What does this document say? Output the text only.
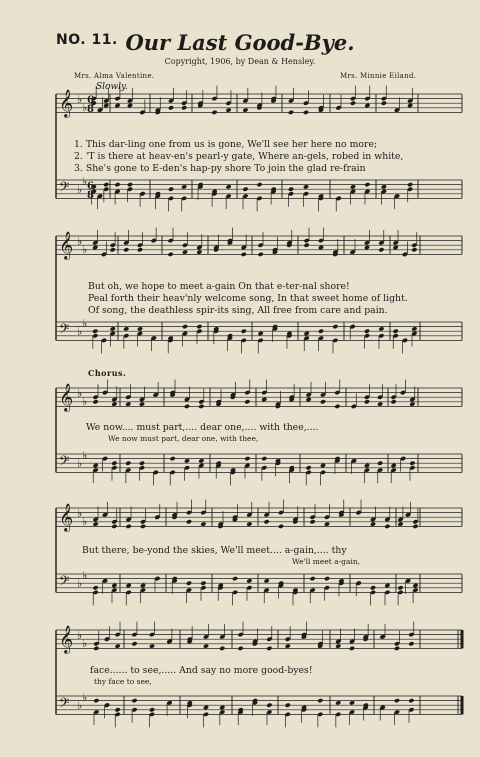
NO. 11. Our Last Good-Bye.
Copyright, 1906, by Dean & Hensley.
Mrs. Alma Valentine.	Mrs. Minnie Eiland.
Slowly.
𝄞 ♭
♭
𝄢 ♭
♭
𝄞 ♭
♭
𝄢 ♭
♭
𝄞 ♭
♭
𝄢 ♭
♭
𝄞 ♭
♭
𝄢 ♭
♭
𝄞 ♭
♭
𝄢 ♭
♭
6
8
6
8
1. This dar-ling one from us is gone, We'll see her here no more;
2. 'T is there at heav-en's pearl-y gate, Where an-gels, robed in white,
3. She's gone to E-den's hap-py shore To join the glad re-frain
But oh, we hope to meet a-gain On that e-ter-nal shore!
Peal forth their heav'nly welcome song, In that sweet home of light.
Of song, the deathless spir-its sing, All free from care and pain.
Chorus.
We now.... must part,.... dear one,.... with thee,....
We now must part, dear one, with thee,
But there, be-yond the skies, We'll meet.... a-gain,.... thy
We'll meet a-gain,
face...... to see,..... And say no more good-byes!
thy face to see,
